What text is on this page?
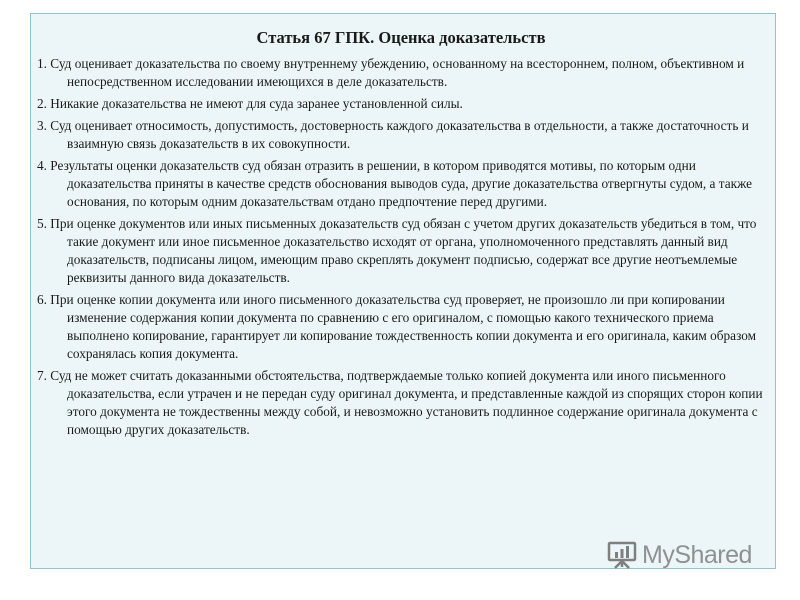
Статья 67 ГПК. Оценка доказательств

1. Суд оценивает доказательства по своему внутреннему убеждению, основанному на всестороннем, полном, объективном и непосредственном исследовании имеющихся в деле доказательств.

2. Никакие доказательства не имеют для суда заранее установленной силы.

3. Суд оценивает относимость, допустимость, достоверность каждого доказательства в отдельности, а также достаточность и взаимную связь доказательств в их совокупности.

4. Результаты оценки доказательств суд обязан отразить в решении, в котором приводятся мотивы, по которым одни доказательства приняты в качестве средств обоснования выводов суда, другие доказательства отвергнуты судом, а также основания, по которым одним доказательствам отдано предпочтение перед другими.

5. При оценке документов или иных письменных доказательств суд обязан с учетом других доказательств убедиться в том, что такие документ или иное письменное доказательство исходят от органа, уполномоченного представлять данный вид доказательств, подписаны лицом, имеющим право скреплять документ подписью, содержат все другие неотъемлемые реквизиты данного вида доказательств.

6. При оценке копии документа или иного письменного доказательства суд проверяет, не произошло ли при копировании изменение содержания копии документа по сравнению с его оригиналом, с помощью какого технического приема выполнено копирование, гарантирует ли копирование тождественность копии документа и его оригинала, каким образом сохранялась копия документа.

7. Суд не может считать доказанными обстоятельства, подтверждаемые только копией документа или иного письменного доказательства, если утрачен и не передан суду оригинал документа, и представленные каждой из спорящих сторон копии этого документа не тождественны между собой, и невозможно установить подлинное содержание оригинала документа с помощью других доказательств.

MyShared
